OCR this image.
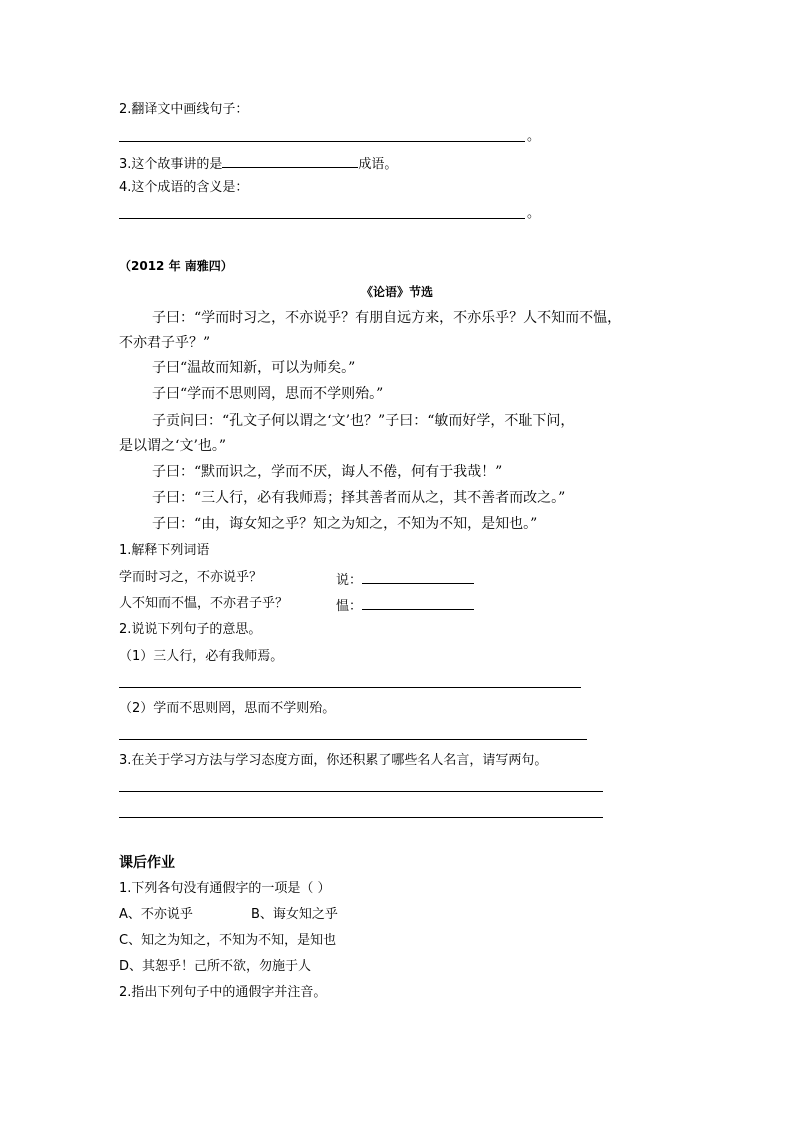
2.翻译文中画线句子：
。
3.这个故事讲的是	成语。
4.这个成语的含义是：
。
（2012 年 南雅四）
《论语》节选
子曰：“学而时习之，不亦说乎？有朋自远方来，不亦乐乎？人不知而不愠，
不亦君子乎？”
子曰“温故而知新，可以为师矣。”
子曰“学而不思则罔，思而不学则殆。”
子贡问曰：“孔文子何以谓之‘文’也？”子曰：“敏而好学，不耻下问，
是以谓之‘文’也。”
子曰：“默而识之，学而不厌，诲人不倦，何有于我哉！”
子曰：“三人行，必有我师焉；择其善者而从之，其不善者而改之。”
子曰：“由，诲女知之乎？知之为知之，不知为不知，是知也。”
1.解释下列词语
学而时习之，不亦说乎？	说：
人不知而不愠，不亦君子乎？	愠：
2.说说下列句子的意思。
（1）三人行，必有我师焉。
（2）学而不思则罔，思而不学则殆。
3.在关于学习方法与学习态度方面，你还积累了哪些名人名言，请写两句。
课后作业
1.下列各句没有通假字的一项是（ ）
A、不亦说乎	B、诲女知之乎
C、知之为知之，不知为不知，是知也
D、其恕乎！己所不欲，勿施于人
2.指出下列句子中的通假字并注音。
